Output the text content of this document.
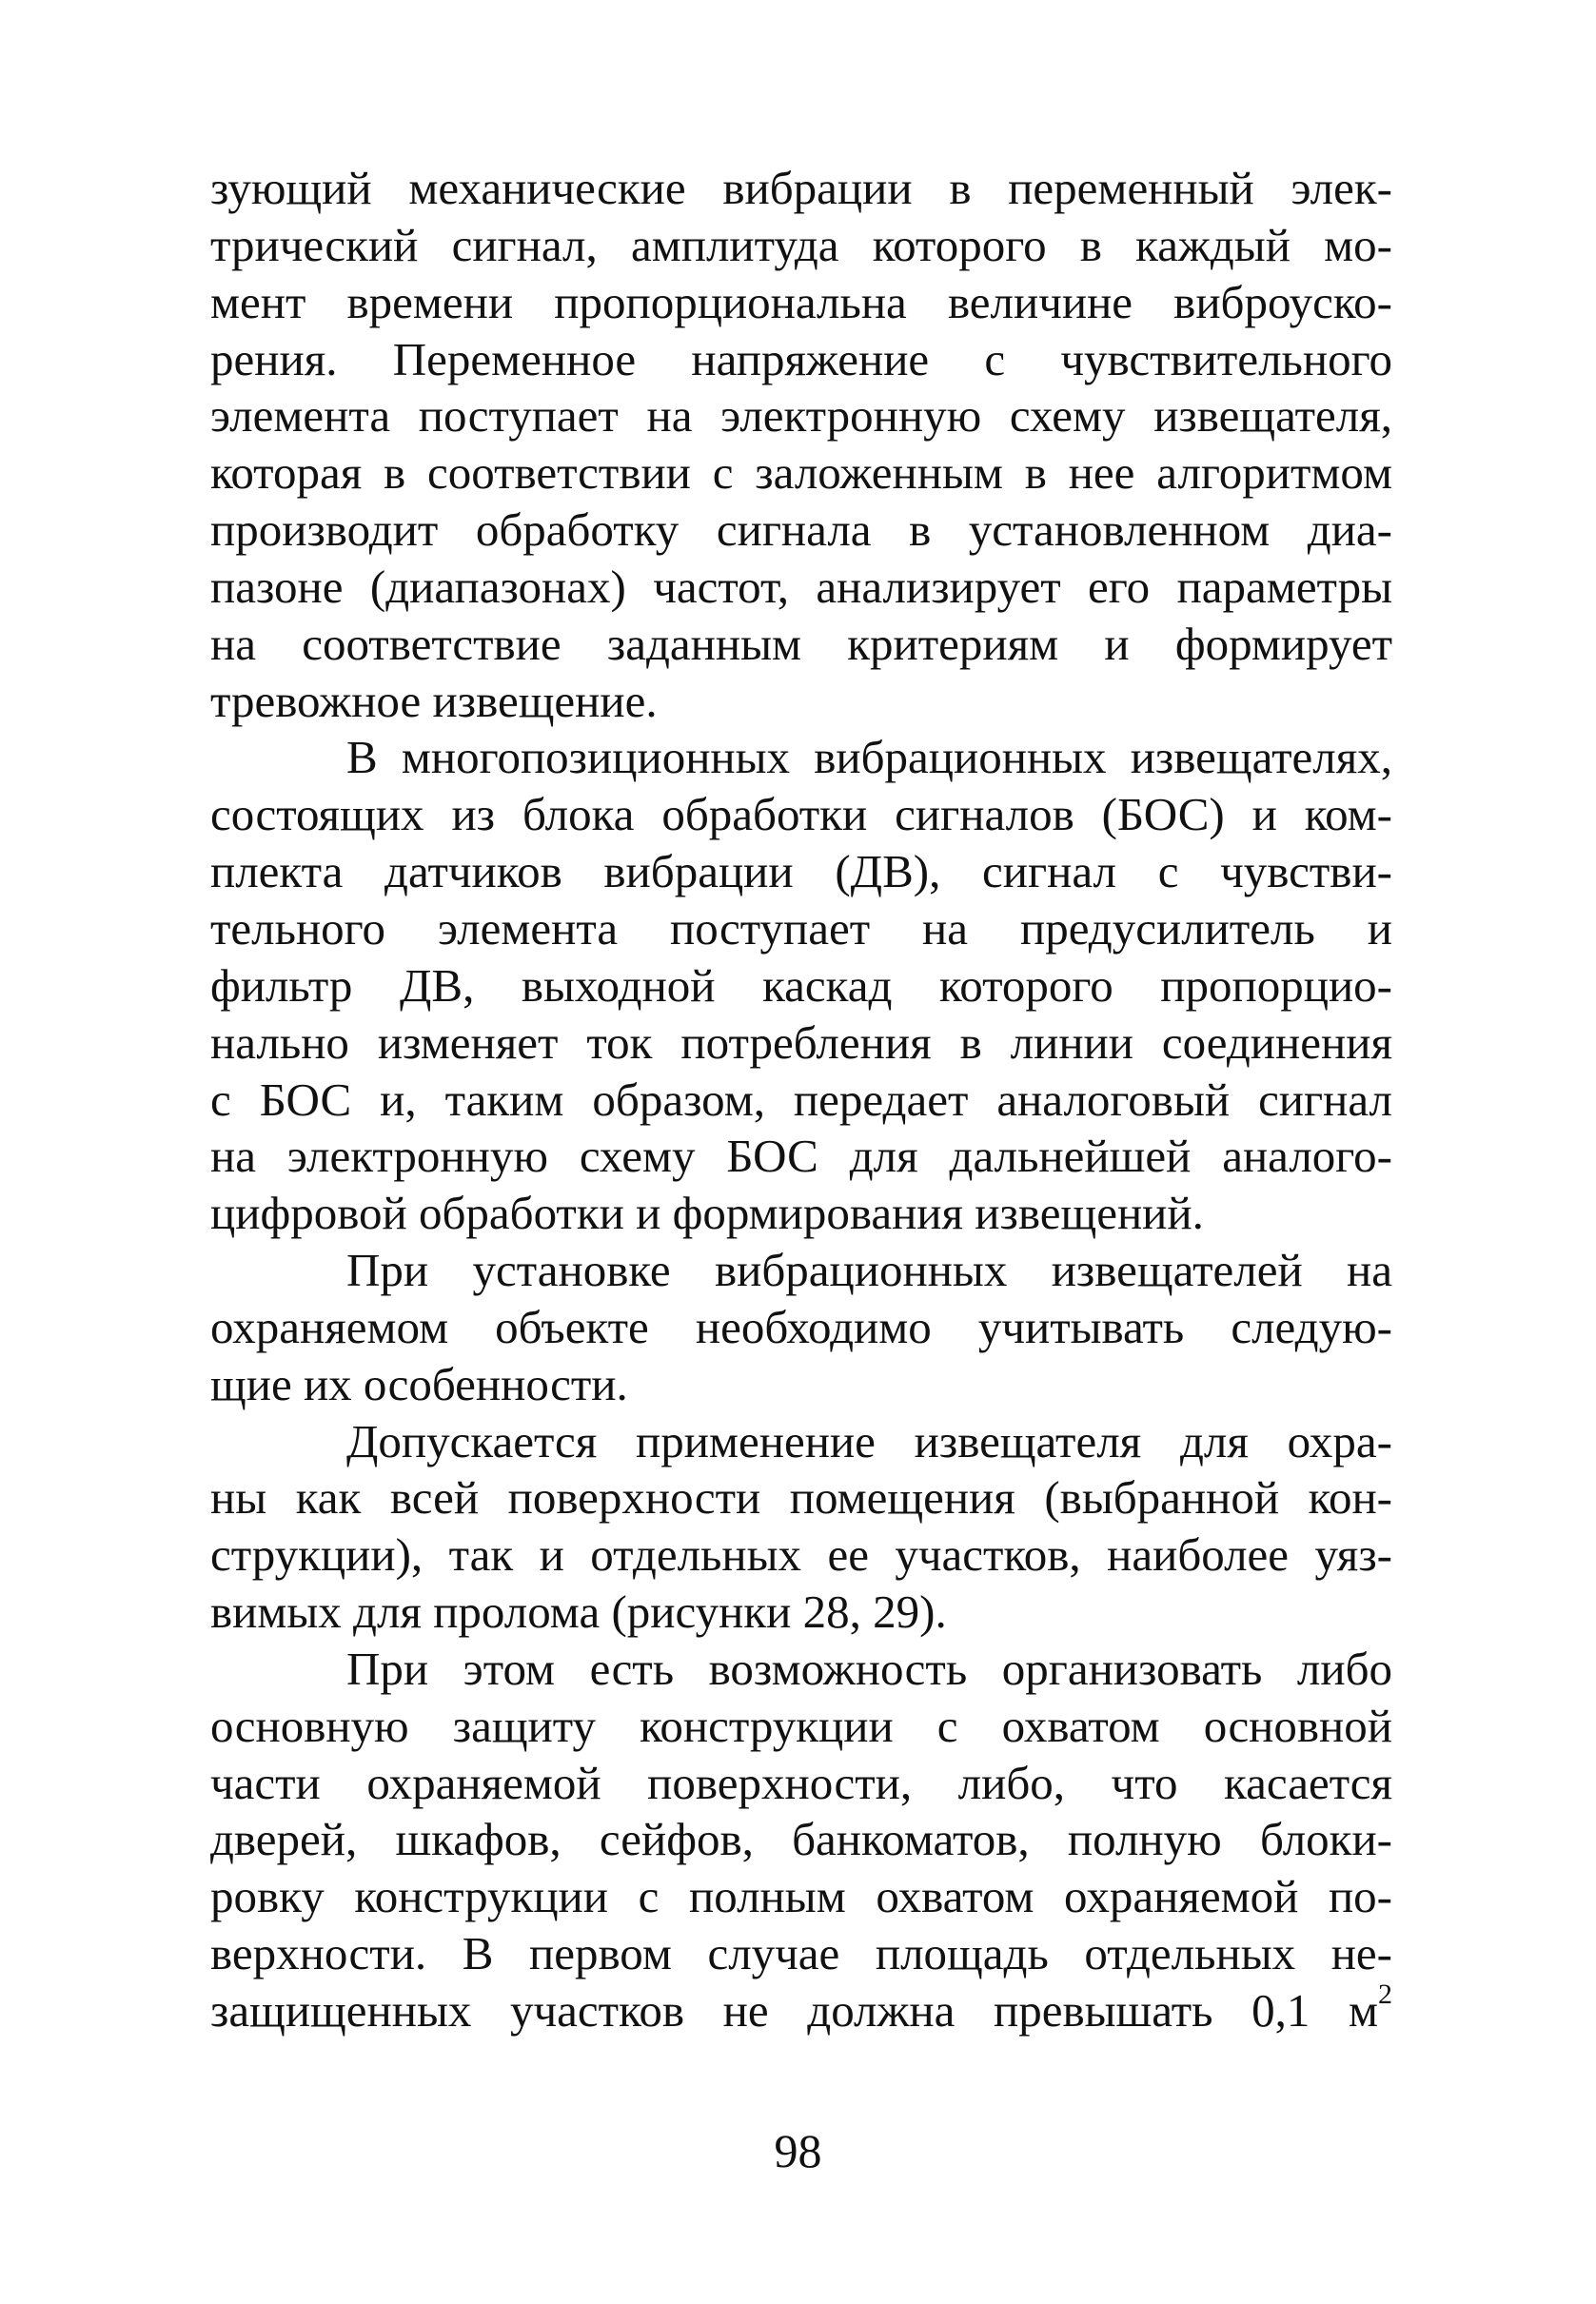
зующий механические вибрации в переменный элек-
трический сигнал, амплитуда которого в каждый мо-
мент времени пропорциональна величине виброуско-
рения. Переменное напряжение с чувствительного
элемента поступает на электронную схему извещателя,
которая в соответствии с заложенным в нее алгоритмом
производит обработку сигнала в установленном диа-
пазоне (диапазонах) частот, анализирует его параметры
на соответствие заданным критериям и формирует
тревожное извещение.
В многопозиционных вибрационных извещателях,
состоящих из блока обработки сигналов (БОС) и ком-
плекта датчиков вибрации (ДВ), сигнал с чувстви-
тельного элемента поступает на предусилитель и
фильтр ДВ, выходной каскад которого пропорцио-
нально изменяет ток потребления в линии соединения
с БОС и, таким образом, передает аналоговый сигнал
на электронную схему БОС для дальнейшей аналого-
цифровой обработки и формирования извещений.
При установке вибрационных извещателей на
охраняемом объекте необходимо учитывать следую-
щие их особенности.
Допускается применение извещателя для охра-
ны как всей поверхности помещения (выбранной кон-
струкции), так и отдельных ее участков, наиболее уяз-
вимых для пролома (рисунки 28, 29).
При этом есть возможность организовать либо
основную защиту конструкции с охватом основной
части охраняемой поверхности, либо, что касается
дверей, шкафов, сейфов, банкоматов, полную блоки-
ровку конструкции с полным охватом охраняемой по-
верхности. В первом случае площадь отдельных не-
защищенных участков не должна превышать 0,1 $м^2$
98
